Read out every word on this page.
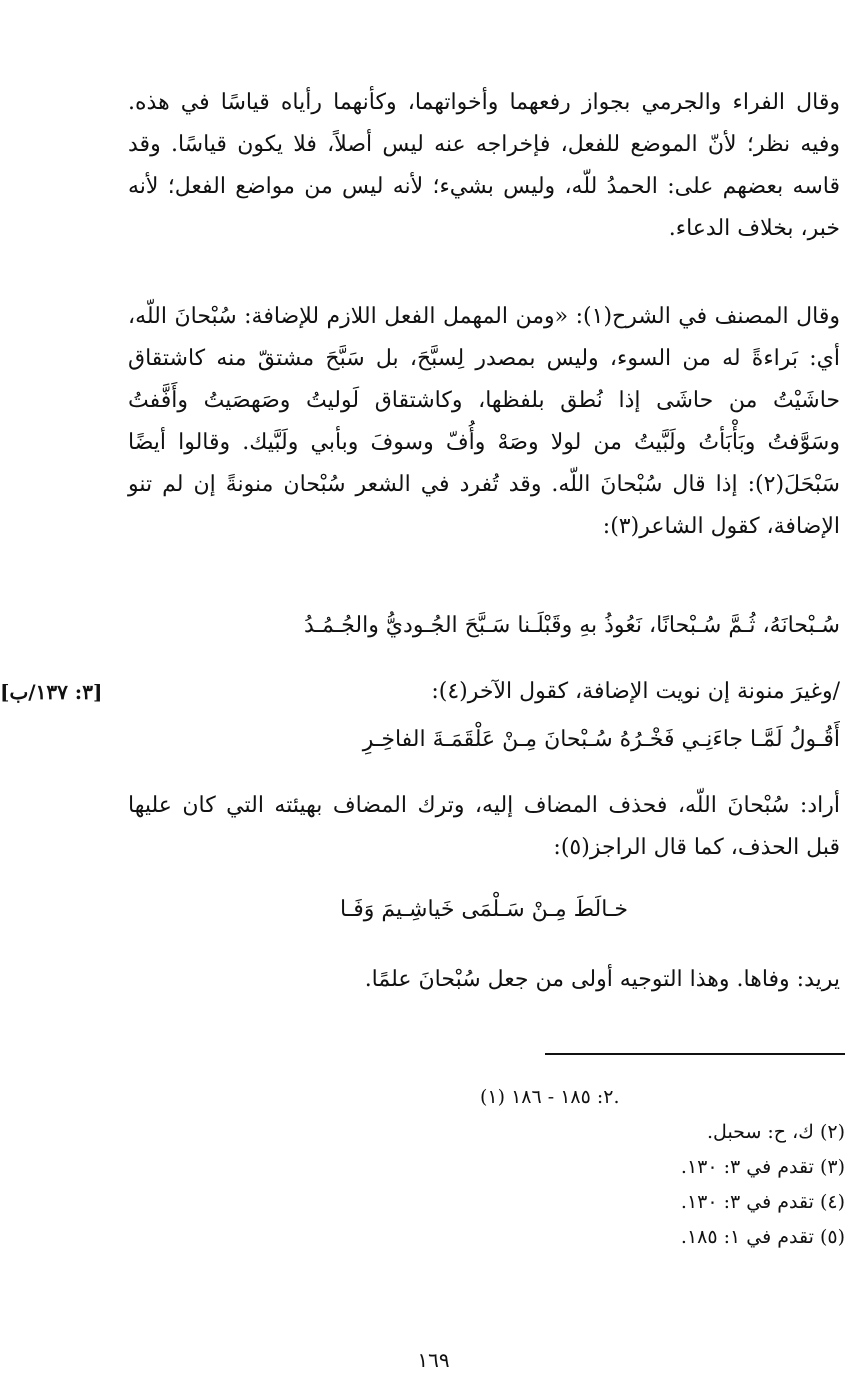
وقال الفراء والجرمي بجواز رفعهما وأخواتهما، وكأنهما رأياه قياسًا في هذه. وفيه نظر؛ لأنّ الموضع للفعل، فإخراجه عنه ليس أصلاً، فلا يكون قياسًا. وقد قاسه بعضهم على: الحمدُ للّه، وليس بشيء؛ لأنه ليس من مواضع الفعل؛ لأنه خبر، بخلاف الدعاء.

وقال المصنف في الشرح(١): «ومن المهمل الفعل اللازم للإضافة: سُبْحانَ اللّه، أي: بَراءةً له من السوء، وليس بمصدر لِسبَّحَ، بل سَبَّحَ مشتقّ منه كاشتقاق حاشَيْتُ من حاشَى إذا نُطق بلفظها، وكاشتقاق لَوليتُ وصَهصَيتُ وأَفَّفتُ وسَوَّفتُ وبَأْبَأتُ ولَبَّيتُ من لولا وصَهْ وأُفّ وسوفَ وبأبي ولَبَّيك. وقالوا أيضًا سَبْحَلَ(٢): إذا قال سُبْحانَ اللّه. وقد تُفرد في الشعر سُبْحان منونةً إن لم تنو الإضافة، كقول الشاعر(٣):

سُـبْحانَهُ، ثُـمَّ سُـبْحانًا، نَعُوذُ بهِ وقَبْلَـنا سَـبَّحَ الجُـوديُّ والجُـمُـدُ
/وغيرَ منونة إن نويت الإضافة، كقول الآخر(٤):
[٣: ١٣٧/ب]
أَقُـولُ لَمَّـا جاءَنِـي فَخْـرُهُ سُـبْحانَ مِـنْ عَلْقَمَـةَ الفاخِـرِ

أراد: سُبْحانَ اللّه، فحذف المضاف إليه، وترك المضاف بهيئته التي كان عليها قبل الحذف، كما قال الراجز(٥):

خـالَطَ مِـنْ سَـلْمَى خَياشِـيمَ وَفَـا
يريد: وفاها. وهذا التوجيه أولى من جعل سُبْحانَ علمًا.
(١) ٢: ١٨٥ - ١٨٦.
(٢) ك، ح: سحبل.
(٣) تقدم في ٣: ١٣٠.
(٤) تقدم في ٣: ١٣٠.
(٥) تقدم في ١: ١٨٥.
١٦٩
